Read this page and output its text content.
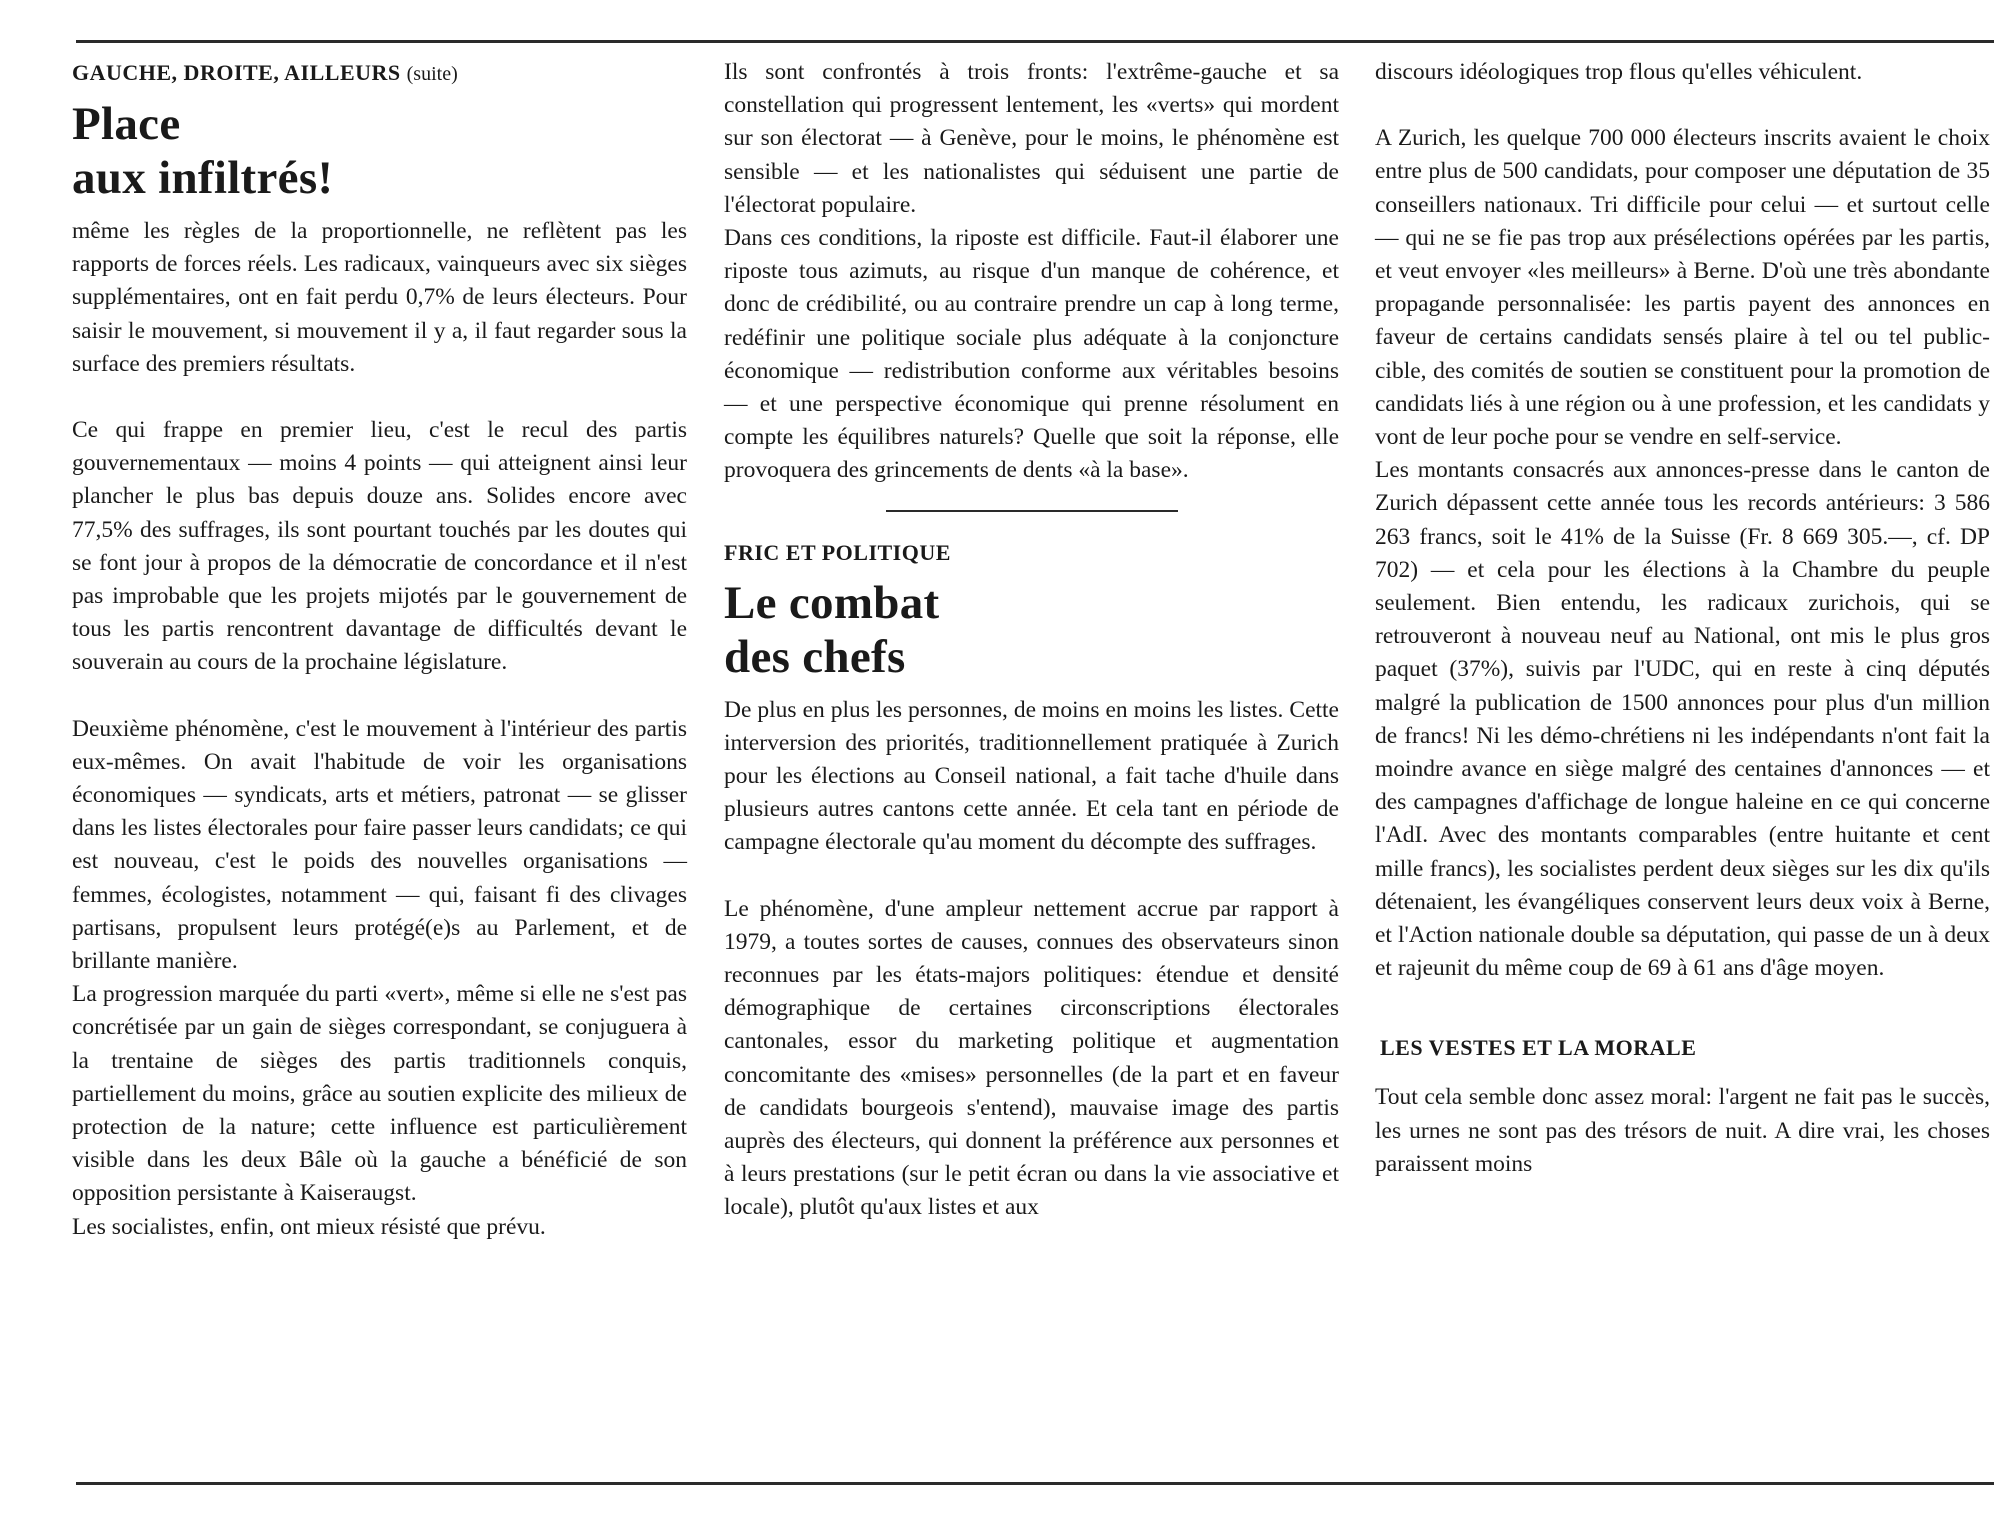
GAUCHE, DROITE, AILLEURS (suite)
Place
aux infiltrés!

même les règles de la proportionnelle, ne reflètent pas les rapports de forces réels. Les radicaux, vainqueurs avec six sièges supplémentaires, ont en fait perdu 0,7% de leurs électeurs. Pour saisir le mouvement, si mouvement il y a, il faut regarder sous la surface des premiers résultats.

Ce qui frappe en premier lieu, c'est le recul des partis gouvernementaux — moins 4 points — qui atteignent ainsi leur plancher le plus bas depuis douze ans. Solides encore avec 77,5% des suffrages, ils sont pourtant touchés par les doutes qui se font jour à propos de la démocratie de concordance et il n'est pas improbable que les projets mijotés par le gouvernement de tous les partis rencontrent davantage de difficultés devant le souverain au cours de la prochaine législature.

Deuxième phénomène, c'est le mouvement à l'intérieur des partis eux-mêmes. On avait l'habitude de voir les organisations économiques — syndicats, arts et métiers, patronat — se glisser dans les listes électorales pour faire passer leurs candidats; ce qui est nouveau, c'est le poids des nouvelles organisations — femmes, écologistes, notamment — qui, faisant fi des clivages partisans, propulsent leurs protégé(e)s au Parlement, et de brillante manière.

La progression marquée du parti «vert», même si elle ne s'est pas concrétisée par un gain de sièges correspondant, se conjuguera à la trentaine de sièges des partis traditionnels conquis, partiellement du moins, grâce au soutien explicite des milieux de protection de la nature; cette influence est particulièrement visible dans les deux Bâle où la gauche a bénéficié de son opposition persistante à Kaiseraugst.

Les socialistes, enfin, ont mieux résisté que prévu.

Ils sont confrontés à trois fronts: l'extrême-gauche et sa constellation qui progressent lentement, les «verts» qui mordent sur son électorat — à Genève, pour le moins, le phénomène est sensible — et les nationalistes qui séduisent une partie de l'électorat populaire.

Dans ces conditions, la riposte est difficile. Faut-il élaborer une riposte tous azimuts, au risque d'un manque de cohérence, et donc de crédibilité, ou au contraire prendre un cap à long terme, redéfinir une politique sociale plus adéquate à la conjoncture économique — redistribution conforme aux véritables besoins — et une perspective économique qui prenne résolument en compte les équilibres naturels? Quelle que soit la réponse, elle provoquera des grincements de dents «à la base».

FRIC ET POLITIQUE
Le combat
des chefs

De plus en plus les personnes, de moins en moins les listes. Cette interversion des priorités, traditionnellement pratiquée à Zurich pour les élections au Conseil national, a fait tache d'huile dans plusieurs autres cantons cette année. Et cela tant en période de campagne électorale qu'au moment du décompte des suffrages.

Le phénomène, d'une ampleur nettement accrue par rapport à 1979, a toutes sortes de causes, connues des observateurs sinon reconnues par les états-majors politiques: étendue et densité démographique de certaines circonscriptions électorales cantonales, essor du marketing politique et augmentation concomitante des «mises» personnelles (de la part et en faveur de candidats bourgeois s'entend), mauvaise image des partis auprès des électeurs, qui donnent la préférence aux personnes et à leurs prestations (sur le petit écran ou dans la vie associative et locale), plutôt qu'aux listes et aux

discours idéologiques trop flous qu'elles véhiculent.

A Zurich, les quelque 700 000 électeurs inscrits avaient le choix entre plus de 500 candidats, pour composer une députation de 35 conseillers nationaux. Tri difficile pour celui — et surtout celle — qui ne se fie pas trop aux présélections opérées par les partis, et veut envoyer «les meilleurs» à Berne. D'où une très abondante propagande personnalisée: les partis payent des annonces en faveur de certains candidats sensés plaire à tel ou tel public-cible, des comités de soutien se constituent pour la promotion de candidats liés à une région ou à une profession, et les candidats y vont de leur poche pour se vendre en self-service.

Les montants consacrés aux annonces-presse dans le canton de Zurich dépassent cette année tous les records antérieurs: 3 586 263 francs, soit le 41% de la Suisse (Fr. 8 669 305.—, cf. DP 702) — et cela pour les élections à la Chambre du peuple seulement. Bien entendu, les radicaux zurichois, qui se retrouveront à nouveau neuf au National, ont mis le plus gros paquet (37%), suivis par l'UDC, qui en reste à cinq députés malgré la publication de 1500 annonces pour plus d'un million de francs! Ni les démo-chrétiens ni les indépendants n'ont fait la moindre avance en siège malgré des centaines d'annonces — et des campagnes d'affichage de longue haleine en ce qui concerne l'AdI. Avec des montants comparables (entre huitante et cent mille francs), les socialistes perdent deux sièges sur les dix qu'ils détenaient, les évangéliques conservent leurs deux voix à Berne, et l'Action nationale double sa députation, qui passe de un à deux et rajeunit du même coup de 69 à 61 ans d'âge moyen.

LES VESTES ET LA MORALE

Tout cela semble donc assez moral: l'argent ne fait pas le succès, les urnes ne sont pas des trésors de nuit. A dire vrai, les choses paraissent moins
